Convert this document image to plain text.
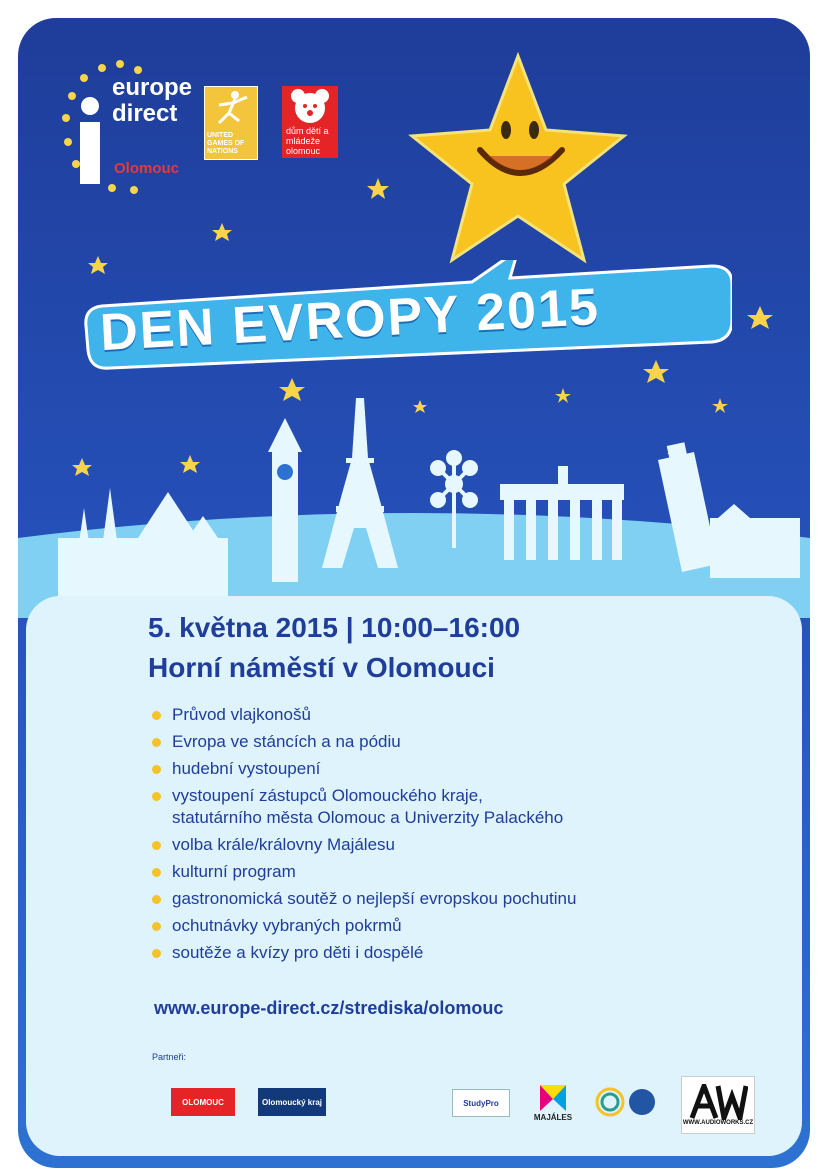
europe
direct
Olomouc
UNITED GAMES OF NATIONS
dům dětí a mládeže olomouc
DEN EVROPY 2015

5. května 2015 | 10:00–16:00

Horní náměstí v Olomouci

Průvod vlajkonošů
Evropa ve stáncích a na pódiu
hudební vystoupení
vystoupení zástupců Olomouckého kraje,
statutárního města Olomouc a Univerzity Palackého
volba krále/královny Majálesu
kulturní program
gastronomická soutěž o nejlepší evropskou pochutinu
ochutnávky vybraných pokrmů
soutěže a kvízy pro děti i dospělé

www.europe-direct.cz/strediska/olomouc

Partneři:
OLOMOUC	Olomoucký kraj	StudyPro
MAJÁLES
WWW.AUDIOWORKS.CZ
